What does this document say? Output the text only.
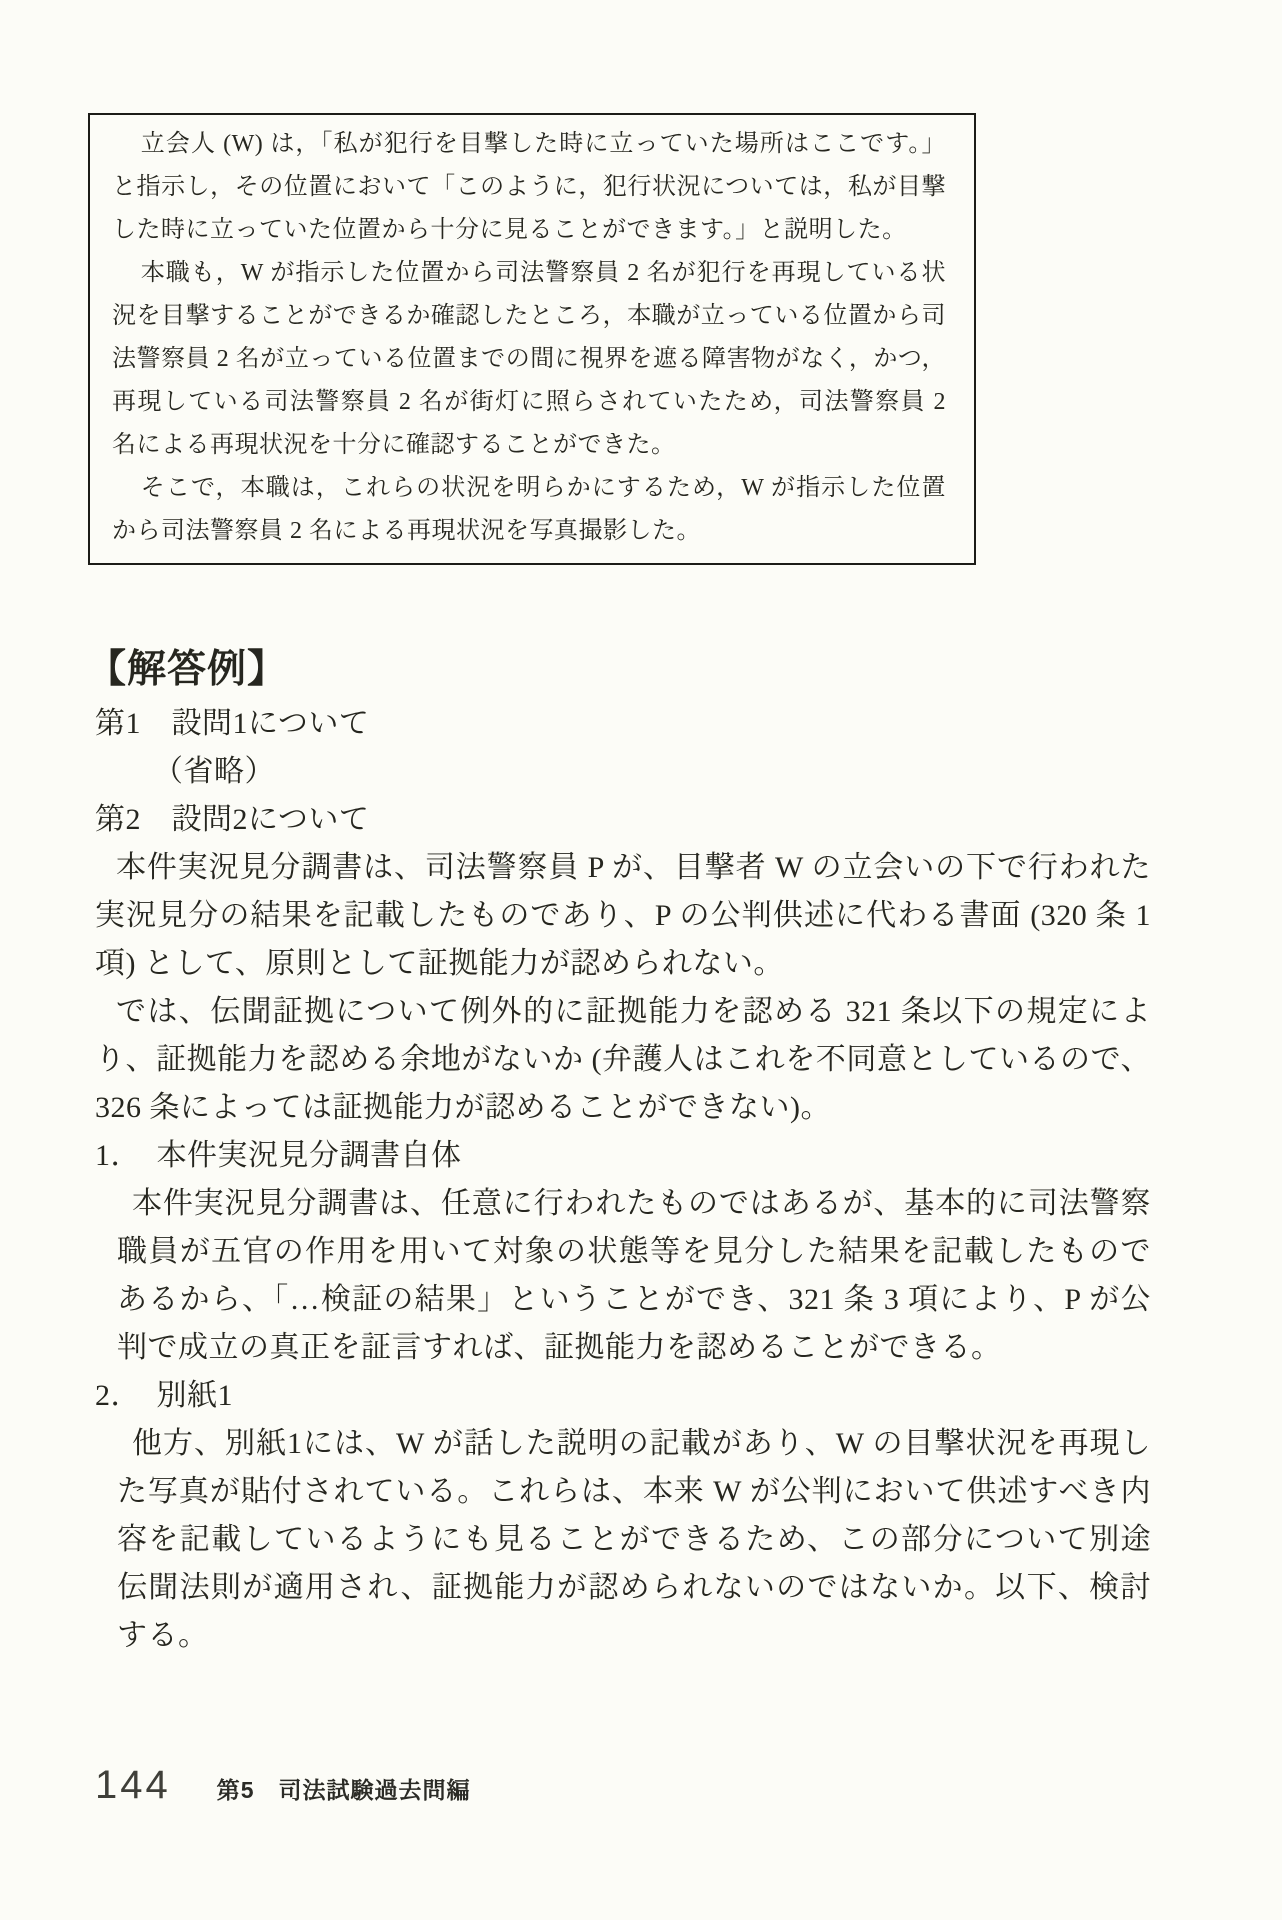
立会人 (W) は，「私が犯行を目撃した時に立っていた場所はここです。」と指示し，その位置において「このように，犯行状況については，私が目撃した時に立っていた位置から十分に見ることができます。」と説明した。

本職も，W が指示した位置から司法警察員 2 名が犯行を再現している状況を目撃することができるか確認したところ，本職が立っている位置から司法警察員 2 名が立っている位置までの間に視界を遮る障害物がなく，かつ，再現している司法警察員 2 名が街灯に照らされていたため，司法警察員 2 名による再現状況を十分に確認することができた。

そこで，本職は，これらの状況を明らかにするため，W が指示した位置から司法警察員 2 名による再現状況を写真撮影した。

【解答例】

第1　設問1について

（省略）

第2　設問2について

本件実況見分調書は、司法警察員 P が、目撃者 W の立会いの下で行われた実況見分の結果を記載したものであり、P の公判供述に代わる書面 (320 条 1 項) として、原則として証拠能力が認められない。

では、伝聞証拠について例外的に証拠能力を認める 321 条以下の規定により、証拠能力を認める余地がないか (弁護人はこれを不同意としているので、326 条によっては証拠能力が認めることができない)。

1．　本件実況見分調書自体

本件実況見分調書は、任意に行われたものではあるが、基本的に司法警察職員が五官の作用を用いて対象の状態等を見分した結果を記載したものであるから、「…検証の結果」ということができ、321 条 3 項により、P が公判で成立の真正を証言すれば、証拠能力を認めることができる。

2．　別紙1

他方、別紙1には、W が話した説明の記載があり、W の目撃状況を再現した写真が貼付されている。これらは、本来 W が公判において供述すべき内容を記載しているようにも見ることができるため、この部分について別途伝聞法則が適用され、証拠能力が認められないのではないか。以下、検討する。

144 第5　司法試験過去問編
